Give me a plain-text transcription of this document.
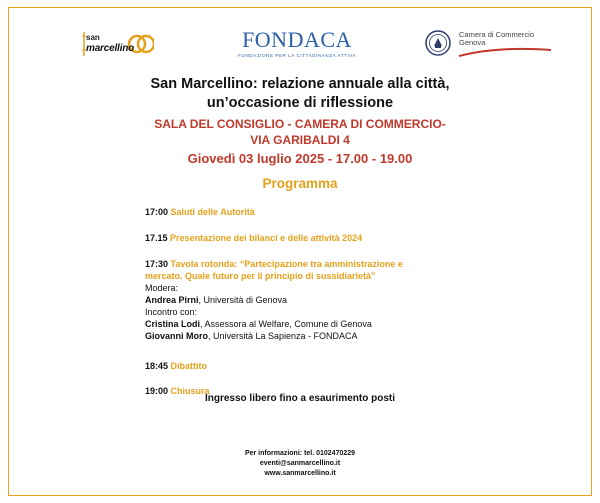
san
marcellino	FONDACA
FONDAZIONE PER LA CITTADINANZA ATTIVA
Camera di Commercio
Genova
San Marcellino: relazione annuale alla città,
un’occasione di riflessione
SALA DEL CONSIGLIO - CAMERA DI COMMERCIO-
VIA GARIBALDI 4
Giovedì 03 luglio 2025 - 17.00 - 19.00
Programma
17:00 Saluti delle Autorità
17.15 Presentazione dei bilanci e delle attività 2024
17:30 Tavola rotonda: “Partecipazione tra amministrazione e
mercato. Quale futuro per il principio di sussidiarietà”
Modera:
Andrea Pirni, Università di Genova
Incontro con:
Cristina Lodi, Assessora al Welfare, Comune di Genova
Giovanni Moro, Università La Sapienza - FONDACA
18:45 Dibattito
19:00 Chiusura
Ingresso libero fino a esaurimento posti
Per informazioni: tel. 0102470229
eventi@sanmarcellino.it
www.sanmarcellino.it
